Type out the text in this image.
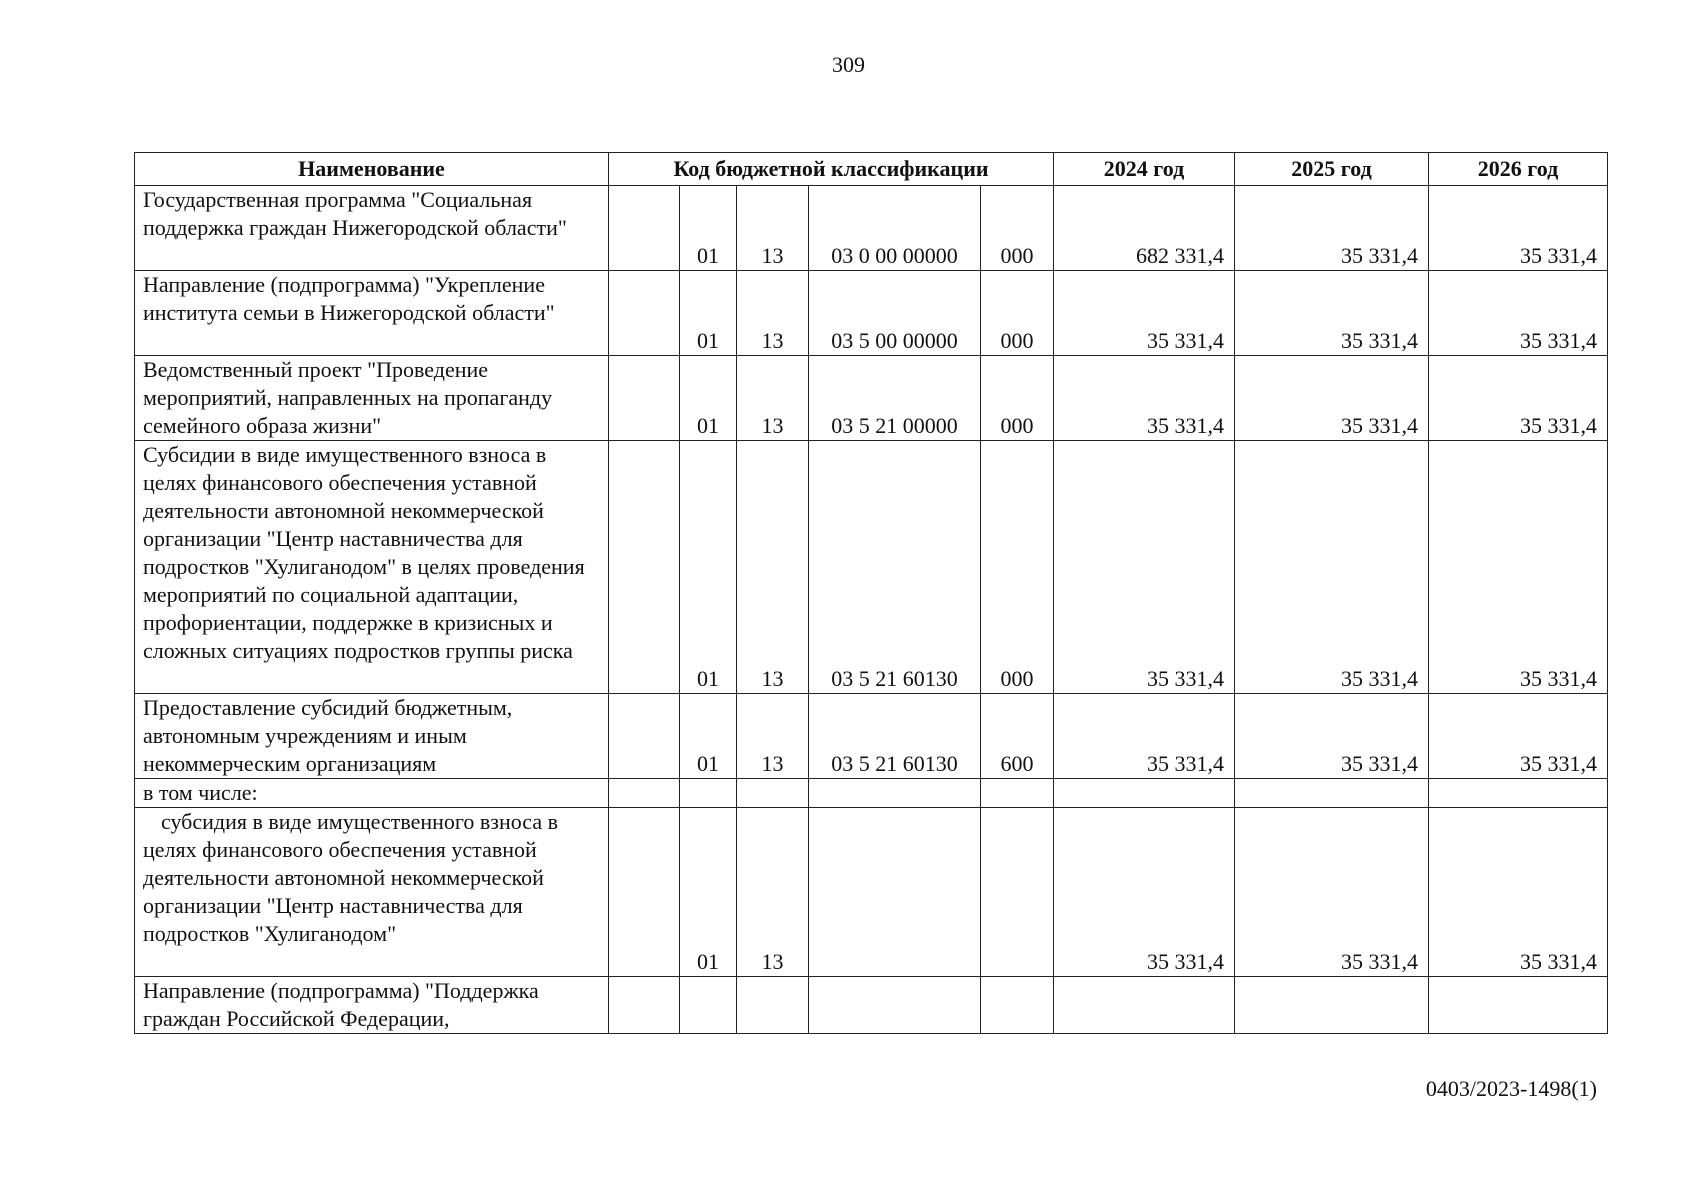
309
Наименование	Код бюджетной классификации					2024 год	2025 год	2026 год
Государственная программа "Социальная поддержка граждан Нижегородской области"		01	13	03 0 00 00000	000	682 331,4	35 331,4	35 331,4
Направление (подпрограмма) "Укрепление института семьи в Нижегородской области"		01	13	03 5 00 00000	000	35 331,4	35 331,4	35 331,4
Ведомственный проект "Проведение мероприятий, направленных на пропаганду семейного образа жизни"		01	13	03 5 21 00000	000	35 331,4	35 331,4	35 331,4
Субсидии в виде имущественного взноса в целях финансового обеспечения уставной деятельности автономной некоммерческой организации "Центр наставничества для подростков "Хулиганодом" в целях проведения мероприятий по социальной адаптации, профориентации, поддержке в кризисных и сложных ситуациях подростков группы риска		01	13	03 5 21 60130	000	35 331,4	35 331,4	35 331,4
Предоставление субсидий бюджетным, автономным учреждениям и иным некоммерческим организациям		01	13	03 5 21 60130	600	35 331,4	35 331,4	35 331,4
в том числе:								

субсидия в виде имущественного взноса в целях финансового обеспечения уставной деятельности автономной некоммерческой организации "Центр наставничества для подростков "Хулиганодом"		01	13			35 331,4	35 331,4	35 331,4
Направление (подпрограмма) "Поддержка граждан Российской Федерации,								
0403/2023-1498(1)
